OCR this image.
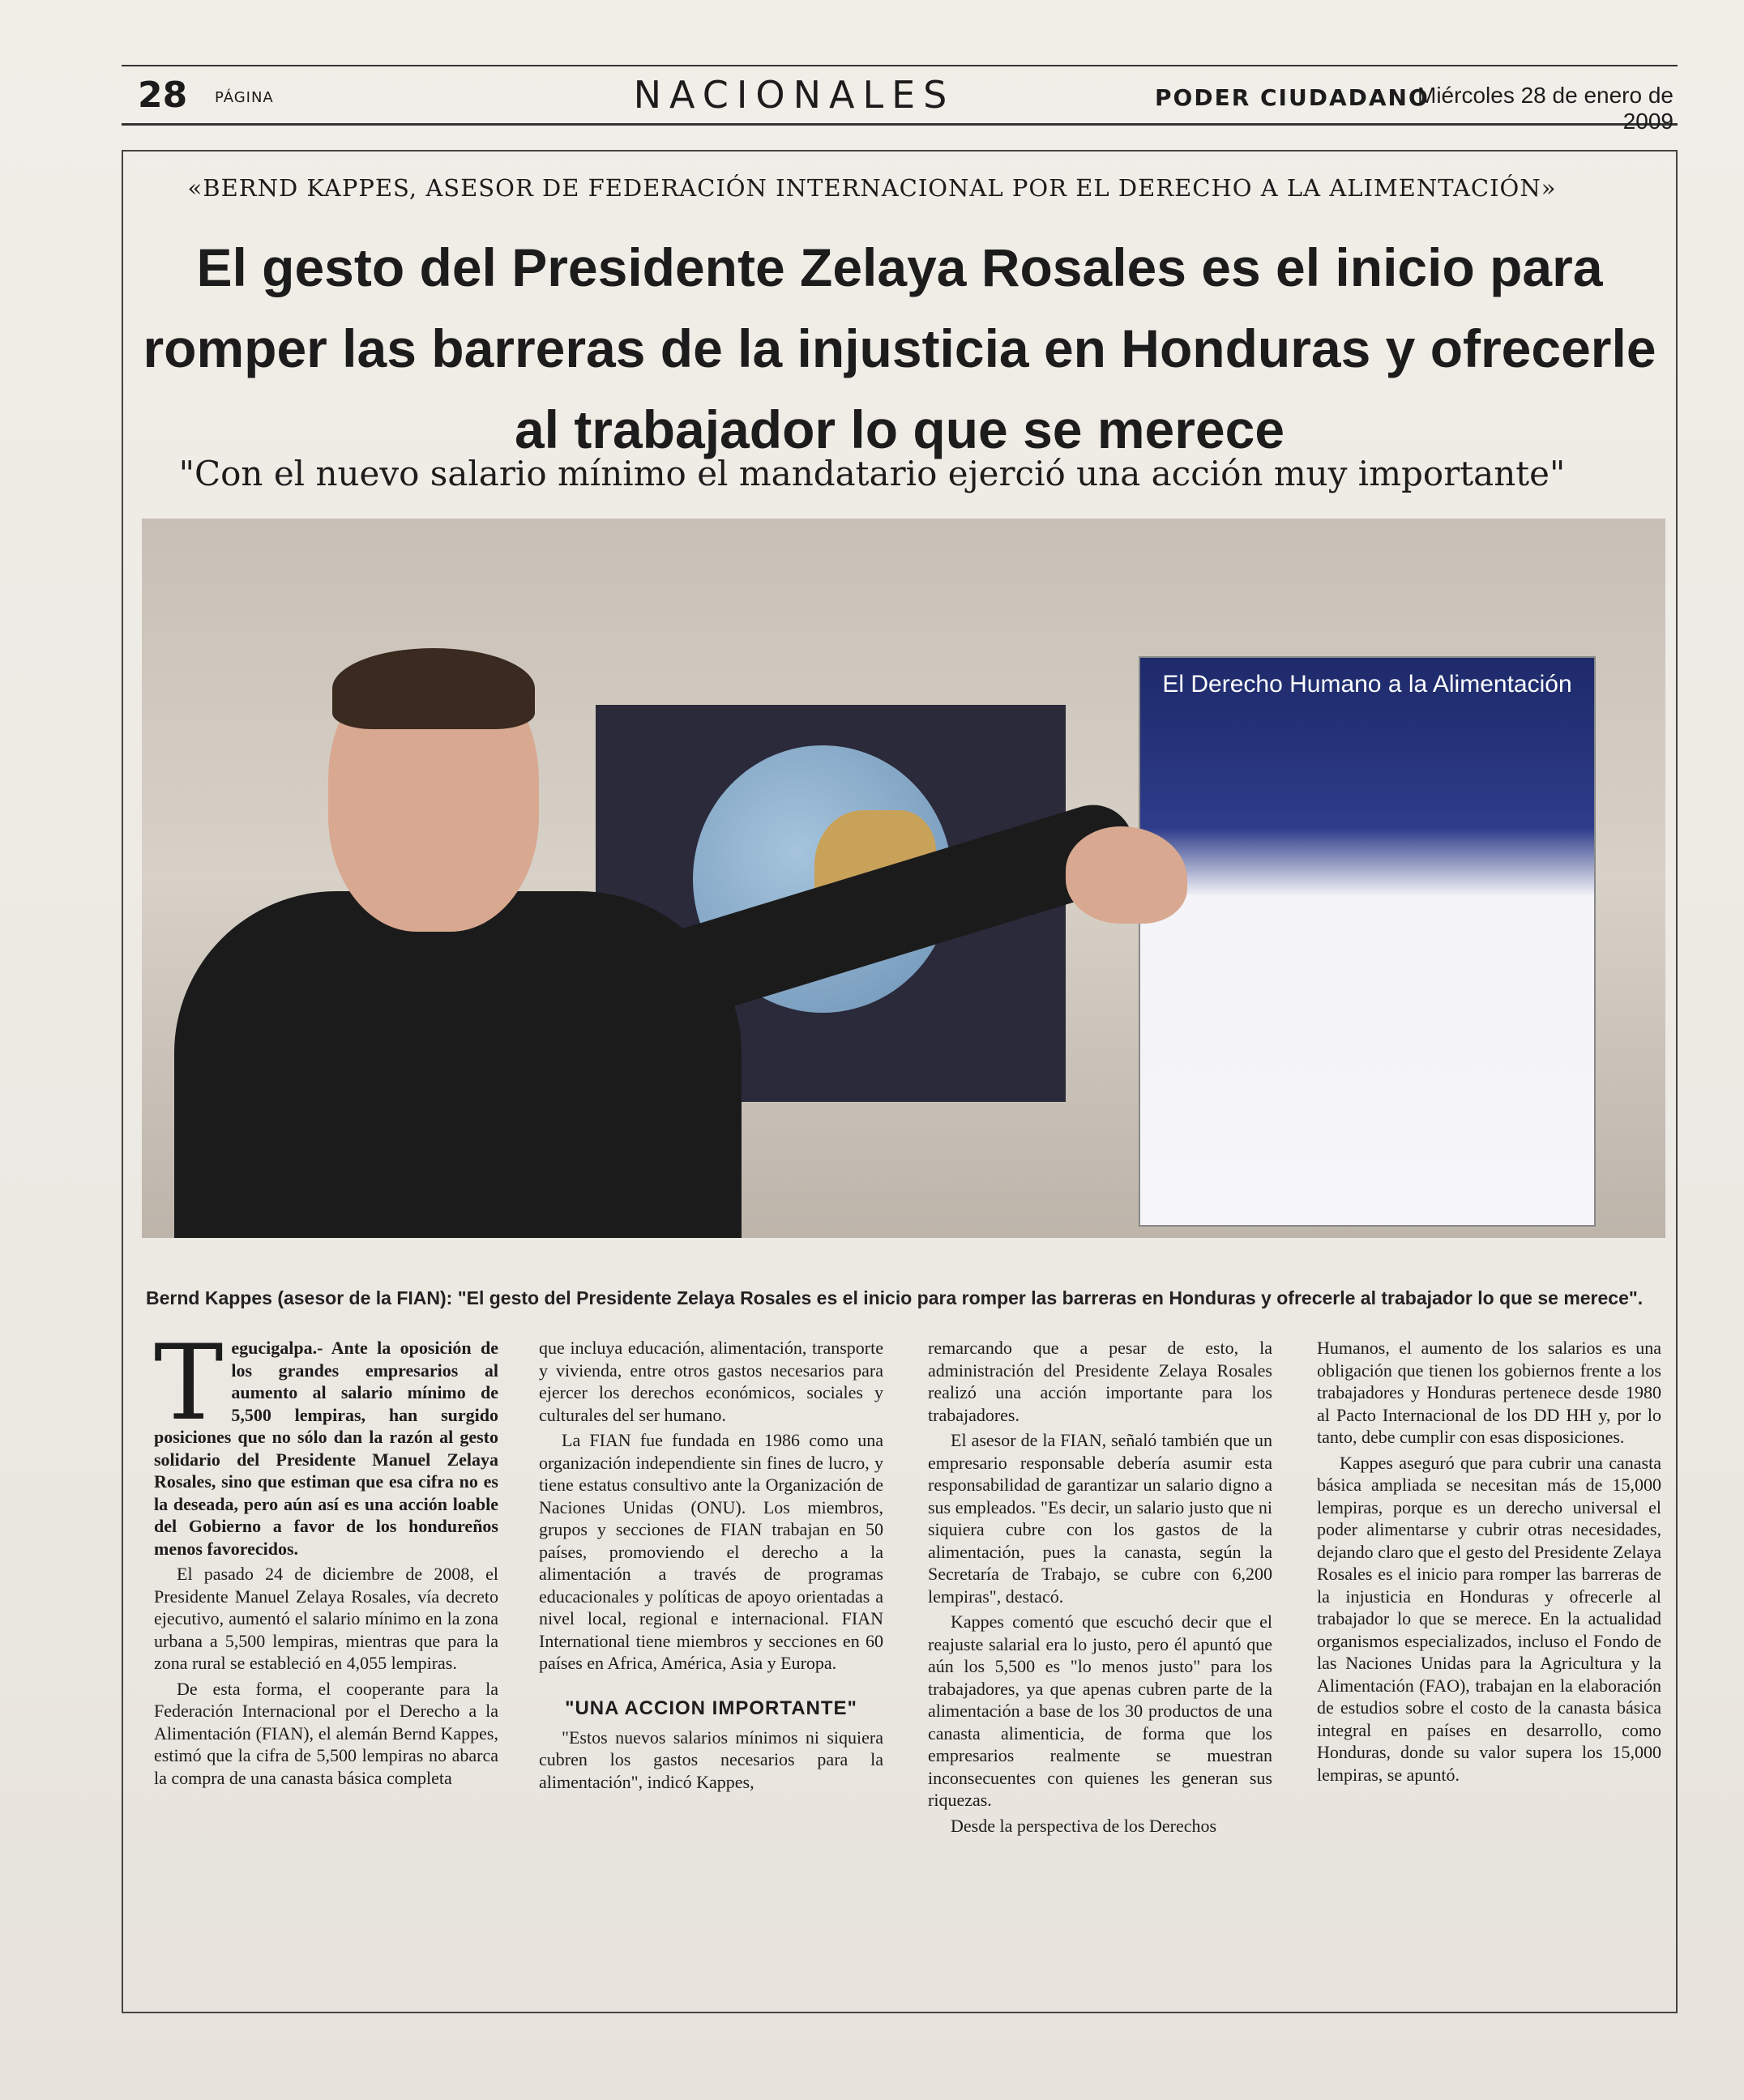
28 PÁGINA	NACIONALES	PODER CIUDADANO
Miércoles 28 de enero de 2009
«BERND KAPPES, ASESOR DE FEDERACIÓN INTERNACIONAL POR EL DERECHO A LA ALIMENTACIÓN»
El gesto del Presidente Zelaya Rosales es el inicio para romper las barreras de la injusticia en Honduras y ofrecerle al trabajador lo que se merece
"Con el nuevo salario mínimo el mandatario ejerció una acción muy importante"
El Derecho Humano a la Alimentación
Bernd Kappes (asesor de la FIAN): "El gesto del Presidente Zelaya Rosales es el inicio para romper las barreras en Honduras y ofrecerle al trabajador lo que se merece".

Tegucigalpa.- Ante la oposición de los grandes empresarios al aumento al salario mínimo de 5,500 lempiras, han surgido posiciones que no sólo dan la razón al gesto solidario del Presidente Manuel Zelaya Rosales, sino que estiman que esa cifra no es la deseada, pero aún así es una acción loable del Gobierno a favor de los hondureños menos favorecidos.

El pasado 24 de diciembre de 2008, el Presidente Manuel Zelaya Rosales, vía decreto ejecutivo, aumentó el salario mínimo en la zona urbana a 5,500 lempiras, mientras que para la zona rural se estableció en 4,055 lempiras.

De esta forma, el cooperante para la Federación Internacional por el Derecho a la Alimentación (FIAN), el alemán Bernd Kappes, estimó que la cifra de 5,500 lempiras no abarca la compra de una canasta básica completa

que incluya educación, alimentación, transporte y vivienda, entre otros gastos necesarios para ejercer los derechos económicos, sociales y culturales del ser humano.

La FIAN fue fundada en 1986 como una organización independiente sin fines de lucro, y tiene estatus consultivo ante la Organización de Naciones Unidas (ONU). Los miembros, grupos y secciones de FIAN trabajan en 50 países, promoviendo el derecho a la alimentación a través de programas educacionales y políticas de apoyo orientadas a nivel local, regional e internacional. FIAN International tiene miembros y secciones en 60 países en Africa, América, Asia y Europa.

"UNA ACCION IMPORTANTE"

"Estos nuevos salarios mínimos ni siquiera cubren los gastos necesarios para la alimentación", indicó Kappes,

remarcando que a pesar de esto, la administración del Presidente Zelaya Rosales realizó una acción importante para los trabajadores.

El asesor de la FIAN, señaló también que un empresario responsable debería asumir esta responsabilidad de garantizar un salario digno a sus empleados. "Es decir, un salario justo que ni siquiera cubre con los gastos de la alimentación, pues la canasta, según la Secretaría de Trabajo, se cubre con 6,200 lempiras", destacó.

Kappes comentó que escuchó decir que el reajuste salarial era lo justo, pero él apuntó que aún los 5,500 es "lo menos justo" para los trabajadores, ya que apenas cubren parte de la alimentación a base de los 30 productos de una canasta alimenticia, de forma que los empresarios realmente se muestran inconsecuentes con quienes les generan sus riquezas.

Desde la perspectiva de los Derechos

Humanos, el aumento de los salarios es una obligación que tienen los gobiernos frente a los trabajadores y Honduras pertenece desde 1980 al Pacto Internacional de los DD HH y, por lo tanto, debe cumplir con esas disposiciones.

Kappes aseguró que para cubrir una canasta básica ampliada se necesitan más de 15,000 lempiras, porque es un derecho universal el poder alimentarse y cubrir otras necesidades, dejando claro que el gesto del Presidente Zelaya Rosales es el inicio para romper las barreras de la injusticia en Honduras y ofrecerle al trabajador lo que se merece. En la actualidad organismos especializados, incluso el Fondo de las Naciones Unidas para la Agricultura y la Alimentación (FAO), trabajan en la elaboración de estudios sobre el costo de la canasta básica integral en países en desarrollo, como Honduras, donde su valor supera los 15,000 lempiras, se apuntó.
